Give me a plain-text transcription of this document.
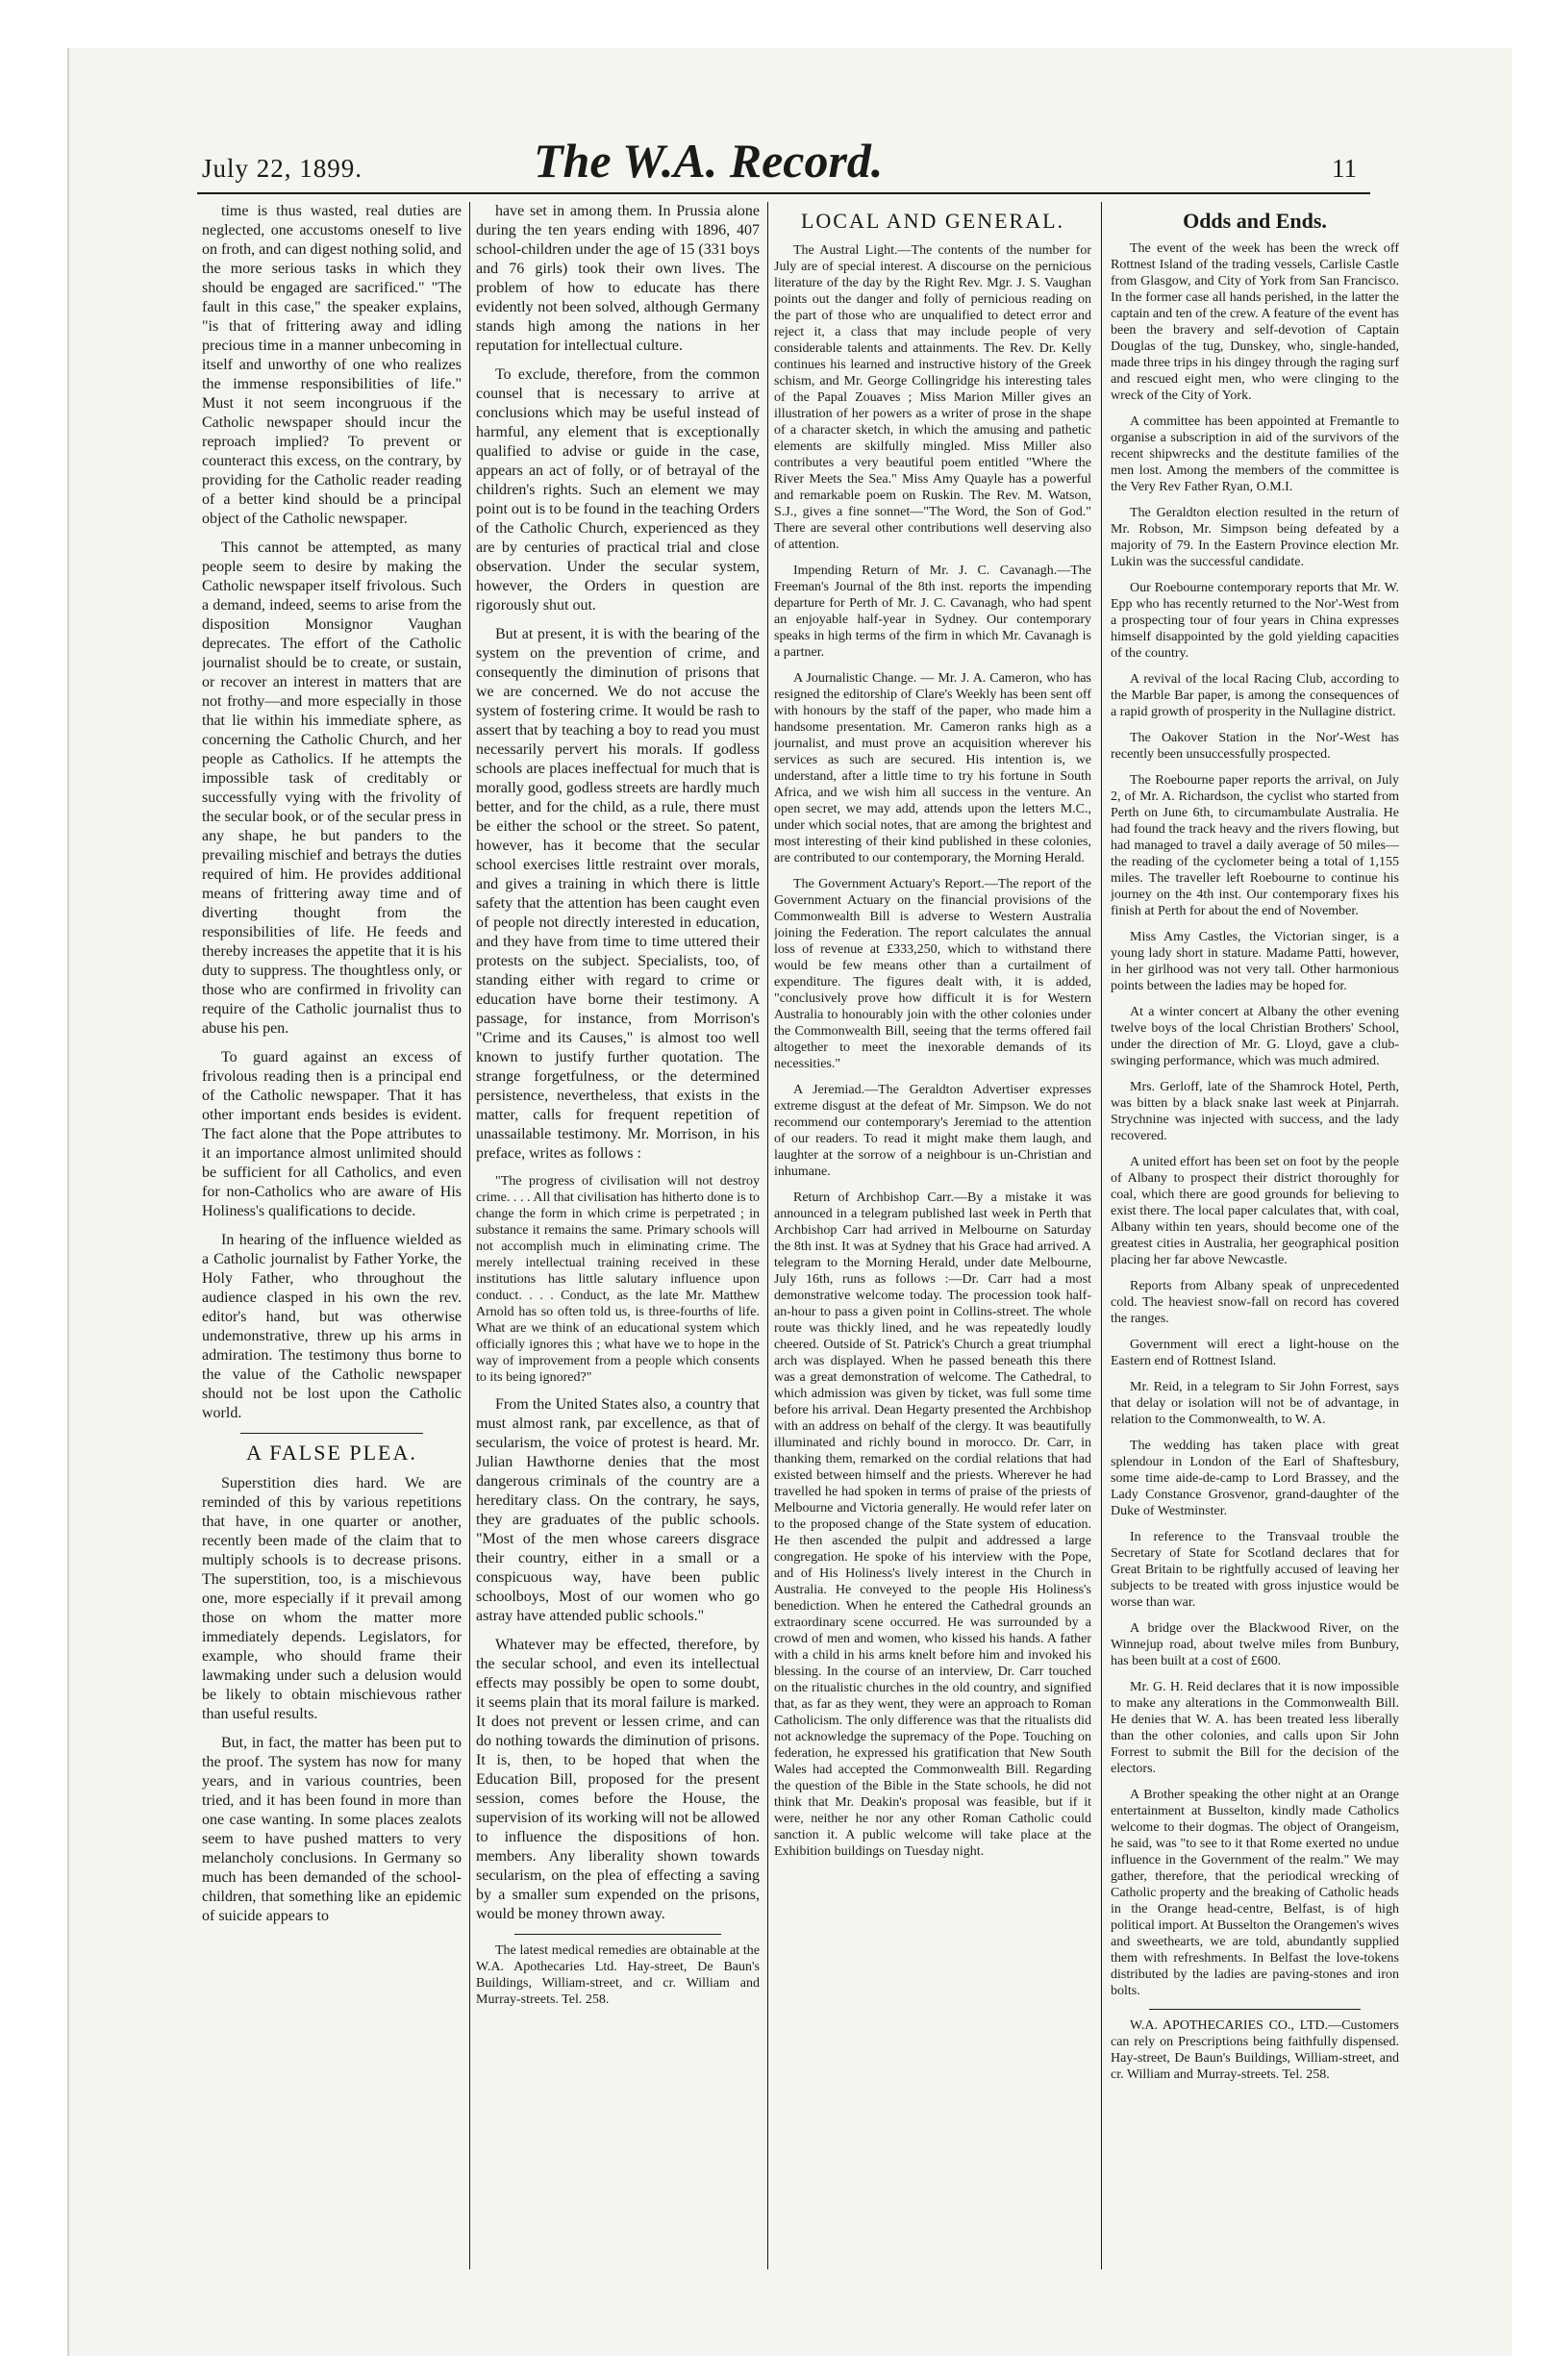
July 22, 1899.	The W.A. Record.	11

time is thus wasted, real duties are neglected, one accustoms oneself to live on froth, and can digest nothing solid, and the more serious tasks in which they should be engaged are sacrificed." "The fault in this case," the speaker explains, "is that of frittering away and idling precious time in a manner unbecoming in itself and unworthy of one who realizes the immense responsibilities of life." Must it not seem incongruous if the Catholic newspaper should incur the reproach implied? To prevent or counteract this excess, on the contrary, by providing for the Catholic reader reading of a better kind should be a principal object of the Catholic newspaper.

This cannot be attempted, as many people seem to desire by making the Catholic newspaper itself frivolous. Such a demand, indeed, seems to arise from the disposition Monsignor Vaughan deprecates. The effort of the Catholic journalist should be to create, or sustain, or recover an interest in matters that are not frothy—and more especially in those that lie within his immediate sphere, as concerning the Catholic Church, and her people as Catholics. If he attempts the impossible task of creditably or successfully vying with the frivolity of the secular book, or of the secular press in any shape, he but panders to the prevailing mischief and betrays the duties required of him. He provides additional means of frittering away time and of diverting thought from the responsibilities of life. He feeds and thereby increases the appetite that it is his duty to suppress. The thoughtless only, or those who are confirmed in frivolity can require of the Catholic journalist thus to abuse his pen.

To guard against an excess of frivolous reading then is a principal end of the Catholic newspaper. That it has other important ends besides is evident. The fact alone that the Pope attributes to it an importance almost unlimited should be sufficient for all Catholics, and even for non-Catholics who are aware of His Holiness's qualifications to decide.

In hearing of the influence wielded as a Catholic journalist by Father Yorke, the Holy Father, who throughout the audience clasped in his own the rev. editor's hand, but was otherwise undemonstrative, threw up his arms in admiration. The testimony thus borne to the value of the Catholic newspaper should not be lost upon the Catholic world.

A FALSE PLEA.

Superstition dies hard. We are reminded of this by various repetitions that have, in one quarter or another, recently been made of the claim that to multiply schools is to decrease prisons. The superstition, too, is a mischievous one, more especially if it prevail among those on whom the matter more immediately depends. Legislators, for example, who should frame their lawmaking under such a delusion would be likely to obtain mischievous rather than useful results.

But, in fact, the matter has been put to the proof. The system has now for many years, and in various countries, been tried, and it has been found in more than one case wanting. In some places zealots seem to have pushed matters to very melancholy conclusions. In Germany so much has been demanded of the school-children, that something like an epidemic of suicide appears to

have set in among them. In Prussia alone during the ten years ending with 1896, 407 school-children under the age of 15 (331 boys and 76 girls) took their own lives. The problem of how to educate has there evidently not been solved, although Germany stands high among the nations in her reputation for intellectual culture.

To exclude, therefore, from the common counsel that is necessary to arrive at conclusions which may be useful instead of harmful, any element that is exceptionally qualified to advise or guide in the case, appears an act of folly, or of betrayal of the children's rights. Such an element we may point out is to be found in the teaching Orders of the Catholic Church, experienced as they are by centuries of practical trial and close observation. Under the secular system, however, the Orders in question are rigorously shut out.

But at present, it is with the bearing of the system on the prevention of crime, and consequently the diminution of prisons that we are concerned. We do not accuse the system of fostering crime. It would be rash to assert that by teaching a boy to read you must necessarily pervert his morals. If godless schools are places ineffectual for much that is morally good, godless streets are hardly much better, and for the child, as a rule, there must be either the school or the street. So patent, however, has it become that the secular school exercises little restraint over morals, and gives a training in which there is little safety that the attention has been caught even of people not directly interested in education, and they have from time to time uttered their protests on the subject. Specialists, too, of standing either with regard to crime or education have borne their testimony. A passage, for instance, from Morrison's "Crime and its Causes," is almost too well known to justify further quotation. The strange forgetfulness, or the determined persistence, nevertheless, that exists in the matter, calls for frequent repetition of unassailable testimony. Mr. Morrison, in his preface, writes as follows :

"The progress of civilisation will not destroy crime. . . . All that civilisation has hitherto done is to change the form in which crime is perpetrated ; in substance it remains the same. Primary schools will not accomplish much in eliminating crime. The merely intellectual training received in these institutions has little salutary influence upon conduct. . . . Conduct, as the late Mr. Matthew Arnold has so often told us, is three-fourths of life. What are we think of an educational system which officially ignores this ; what have we to hope in the way of improvement from a people which consents to its being ignored?"

From the United States also, a country that must almost rank, par excellence, as that of secularism, the voice of protest is heard. Mr. Julian Hawthorne denies that the most dangerous criminals of the country are a hereditary class. On the contrary, he says, they are graduates of the public schools. "Most of the men whose careers disgrace their country, either in a small or a conspicuous way, have been public schoolboys, Most of our women who go astray have attended public schools."

Whatever may be effected, therefore, by the secular school, and even its intellectual effects may possibly be open to some doubt, it seems plain that its moral failure is marked. It does not prevent or lessen crime, and can do nothing towards the diminution of prisons. It is, then, to be hoped that when the Education Bill, proposed for the present session, comes before the House, the supervision of its working will not be allowed to influence the dispositions of hon. members. Any liberality shown towards secularism, on the plea of effecting a saving by a smaller sum expended on the prisons, would be money thrown away.

The latest medical remedies are obtainable at the W.A. Apothecaries Ltd. Hay-street, De Baun's Buildings, William-street, and cr. William and Murray-streets. Tel. 258.

LOCAL AND GENERAL.

The Austral Light.—The contents of the number for July are of special interest. A discourse on the pernicious literature of the day by the Right Rev. Mgr. J. S. Vaughan points out the danger and folly of pernicious reading on the part of those who are unqualified to detect error and reject it, a class that may include people of very considerable talents and attainments. The Rev. Dr. Kelly continues his learned and instructive history of the Greek schism, and Mr. George Collingridge his interesting tales of the Papal Zouaves ; Miss Marion Miller gives an illustration of her powers as a writer of prose in the shape of a character sketch, in which the amusing and pathetic elements are skilfully mingled. Miss Miller also contributes a very beautiful poem entitled "Where the River Meets the Sea." Miss Amy Quayle has a powerful and remarkable poem on Ruskin. The Rev. M. Watson, S.J., gives a fine sonnet—"The Word, the Son of God." There are several other contributions well deserving also of attention.

Impending Return of Mr. J. C. Cavanagh.—The Freeman's Journal of the 8th inst. reports the impending departure for Perth of Mr. J. C. Cavanagh, who had spent an enjoyable half-year in Sydney. Our contemporary speaks in high terms of the firm in which Mr. Cavanagh is a partner.

A Journalistic Change. — Mr. J. A. Cameron, who has resigned the editorship of Clare's Weekly has been sent off with honours by the staff of the paper, who made him a handsome presentation. Mr. Cameron ranks high as a journalist, and must prove an acquisition wherever his services as such are secured. His intention is, we understand, after a little time to try his fortune in South Africa, and we wish him all success in the venture. An open secret, we may add, attends upon the letters M.C., under which social notes, that are among the brightest and most interesting of their kind published in these colonies, are contributed to our contemporary, the Morning Herald.

The Government Actuary's Report.—The report of the Government Actuary on the financial provisions of the Commonwealth Bill is adverse to Western Australia joining the Federation. The report calculates the annual loss of revenue at £333,250, which to withstand there would be few means other than a curtailment of expenditure. The figures dealt with, it is added, "conclusively prove how difficult it is for Western Australia to honourably join with the other colonies under the Commonwealth Bill, seeing that the terms offered fail altogether to meet the inexorable demands of its necessities."

A Jeremiad.—The Geraldton Advertiser expresses extreme disgust at the defeat of Mr. Simpson. We do not recommend our contemporary's Jeremiad to the attention of our readers. To read it might make them laugh, and laughter at the sorrow of a neighbour is un-Christian and inhumane.

Return of Archbishop Carr.—By a mistake it was announced in a telegram published last week in Perth that Archbishop Carr had arrived in Melbourne on Saturday the 8th inst. It was at Sydney that his Grace had arrived. A telegram to the Morning Herald, under date Melbourne, July 16th, runs as follows :—Dr. Carr had a most demonstrative welcome today. The procession took half-an-hour to pass a given point in Collins-street. The whole route was thickly lined, and he was repeatedly loudly cheered. Outside of St. Patrick's Church a great triumphal arch was displayed. When he passed beneath this there was a great demonstration of welcome. The Cathedral, to which admission was given by ticket, was full some time before his arrival. Dean Hegarty presented the Archbishop with an address on behalf of the clergy. It was beautifully illuminated and richly bound in morocco. Dr. Carr, in thanking them, remarked on the cordial relations that had existed between himself and the priests. Wherever he had travelled he had spoken in terms of praise of the priests of Melbourne and Victoria generally. He would refer later on to the proposed change of the State system of education. He then ascended the pulpit and addressed a large congregation. He spoke of his interview with the Pope, and of His Holiness's lively interest in the Church in Australia. He conveyed to the people His Holiness's benediction. When he entered the Cathedral grounds an extraordinary scene occurred. He was surrounded by a crowd of men and women, who kissed his hands. A father with a child in his arms knelt before him and invoked his blessing. In the course of an interview, Dr. Carr touched on the ritualistic churches in the old country, and signified that, as far as they went, they were an approach to Roman Catholicism. The only difference was that the ritualists did not acknowledge the supremacy of the Pope. Touching on federation, he expressed his gratification that New South Wales had accepted the Commonwealth Bill. Regarding the question of the Bible in the State schools, he did not think that Mr. Deakin's proposal was feasible, but if it were, neither he nor any other Roman Catholic could sanction it. A public welcome will take place at the Exhibition buildings on Tuesday night.

Odds and Ends.

The event of the week has been the wreck off Rottnest Island of the trading vessels, Carlisle Castle from Glasgow, and City of York from San Francisco. In the former case all hands perished, in the latter the captain and ten of the crew. A feature of the event has been the bravery and self-devotion of Captain Douglas of the tug, Dunskey, who, single-handed, made three trips in his dingey through the raging surf and rescued eight men, who were clinging to the wreck of the City of York.

A committee has been appointed at Fremantle to organise a subscription in aid of the survivors of the recent shipwrecks and the destitute families of the men lost. Among the members of the committee is the Very Rev Father Ryan, O.M.I.

The Geraldton election resulted in the return of Mr. Robson, Mr. Simpson being defeated by a majority of 79. In the Eastern Province election Mr. Lukin was the successful candidate.

Our Roebourne contemporary reports that Mr. W. Epp who has recently returned to the Nor'-West from a prospecting tour of four years in China expresses himself disappointed by the gold yielding capacities of the country.

A revival of the local Racing Club, according to the Marble Bar paper, is among the consequences of a rapid growth of prosperity in the Nullagine district.

The Oakover Station in the Nor'-West has recently been unsuccessfully prospected.

The Roebourne paper reports the arrival, on July 2, of Mr. A. Richardson, the cyclist who started from Perth on June 6th, to circumambulate Australia. He had found the track heavy and the rivers flowing, but had managed to travel a daily average of 50 miles—the reading of the cyclometer being a total of 1,155 miles. The traveller left Roebourne to continue his journey on the 4th inst. Our contemporary fixes his finish at Perth for about the end of November.

Miss Amy Castles, the Victorian singer, is a young lady short in stature. Madame Patti, however, in her girlhood was not very tall. Other harmonious points between the ladies may be hoped for.

At a winter concert at Albany the other evening twelve boys of the local Christian Brothers' School, under the direction of Mr. G. Lloyd, gave a club-swinging performance, which was much admired.

Mrs. Gerloff, late of the Shamrock Hotel, Perth, was bitten by a black snake last week at Pinjarrah. Strychnine was injected with success, and the lady recovered.

A united effort has been set on foot by the people of Albany to prospect their district thoroughly for coal, which there are good grounds for believing to exist there. The local paper calculates that, with coal, Albany within ten years, should become one of the greatest cities in Australia, her geographical position placing her far above Newcastle.

Reports from Albany speak of unprecedented cold. The heaviest snow-fall on record has covered the ranges.

Government will erect a light-house on the Eastern end of Rottnest Island.

Mr. Reid, in a telegram to Sir John Forrest, says that delay or isolation will not be of advantage, in relation to the Commonwealth, to W. A.

The wedding has taken place with great splendour in London of the Earl of Shaftesbury, some time aide-de-camp to Lord Brassey, and the Lady Constance Grosvenor, grand-daughter of the Duke of Westminster.

In reference to the Transvaal trouble the Secretary of State for Scotland declares that for Great Britain to be rightfully accused of leaving her subjects to be treated with gross injustice would be worse than war.

A bridge over the Blackwood River, on the Winnejup road, about twelve miles from Bunbury, has been built at a cost of £600.

Mr. G. H. Reid declares that it is now impossible to make any alterations in the Commonwealth Bill. He denies that W. A. has been treated less liberally than the other colonies, and calls upon Sir John Forrest to submit the Bill for the decision of the electors.

A Brother speaking the other night at an Orange entertainment at Busselton, kindly made Catholics welcome to their dogmas. The object of Orangeism, he said, was "to see to it that Rome exerted no undue influence in the Government of the realm." We may gather, therefore, that the periodical wrecking of Catholic property and the breaking of Catholic heads in the Orange head-centre, Belfast, is of high political import. At Busselton the Orangemen's wives and sweethearts, we are told, abundantly supplied them with refreshments. In Belfast the love-tokens distributed by the ladies are paving-stones and iron bolts.

W.A. APOTHECARIES CO., LTD.—Customers can rely on Prescriptions being faithfully dispensed. Hay-street, De Baun's Buildings, William-street, and cr. William and Murray-streets. Tel. 258.
